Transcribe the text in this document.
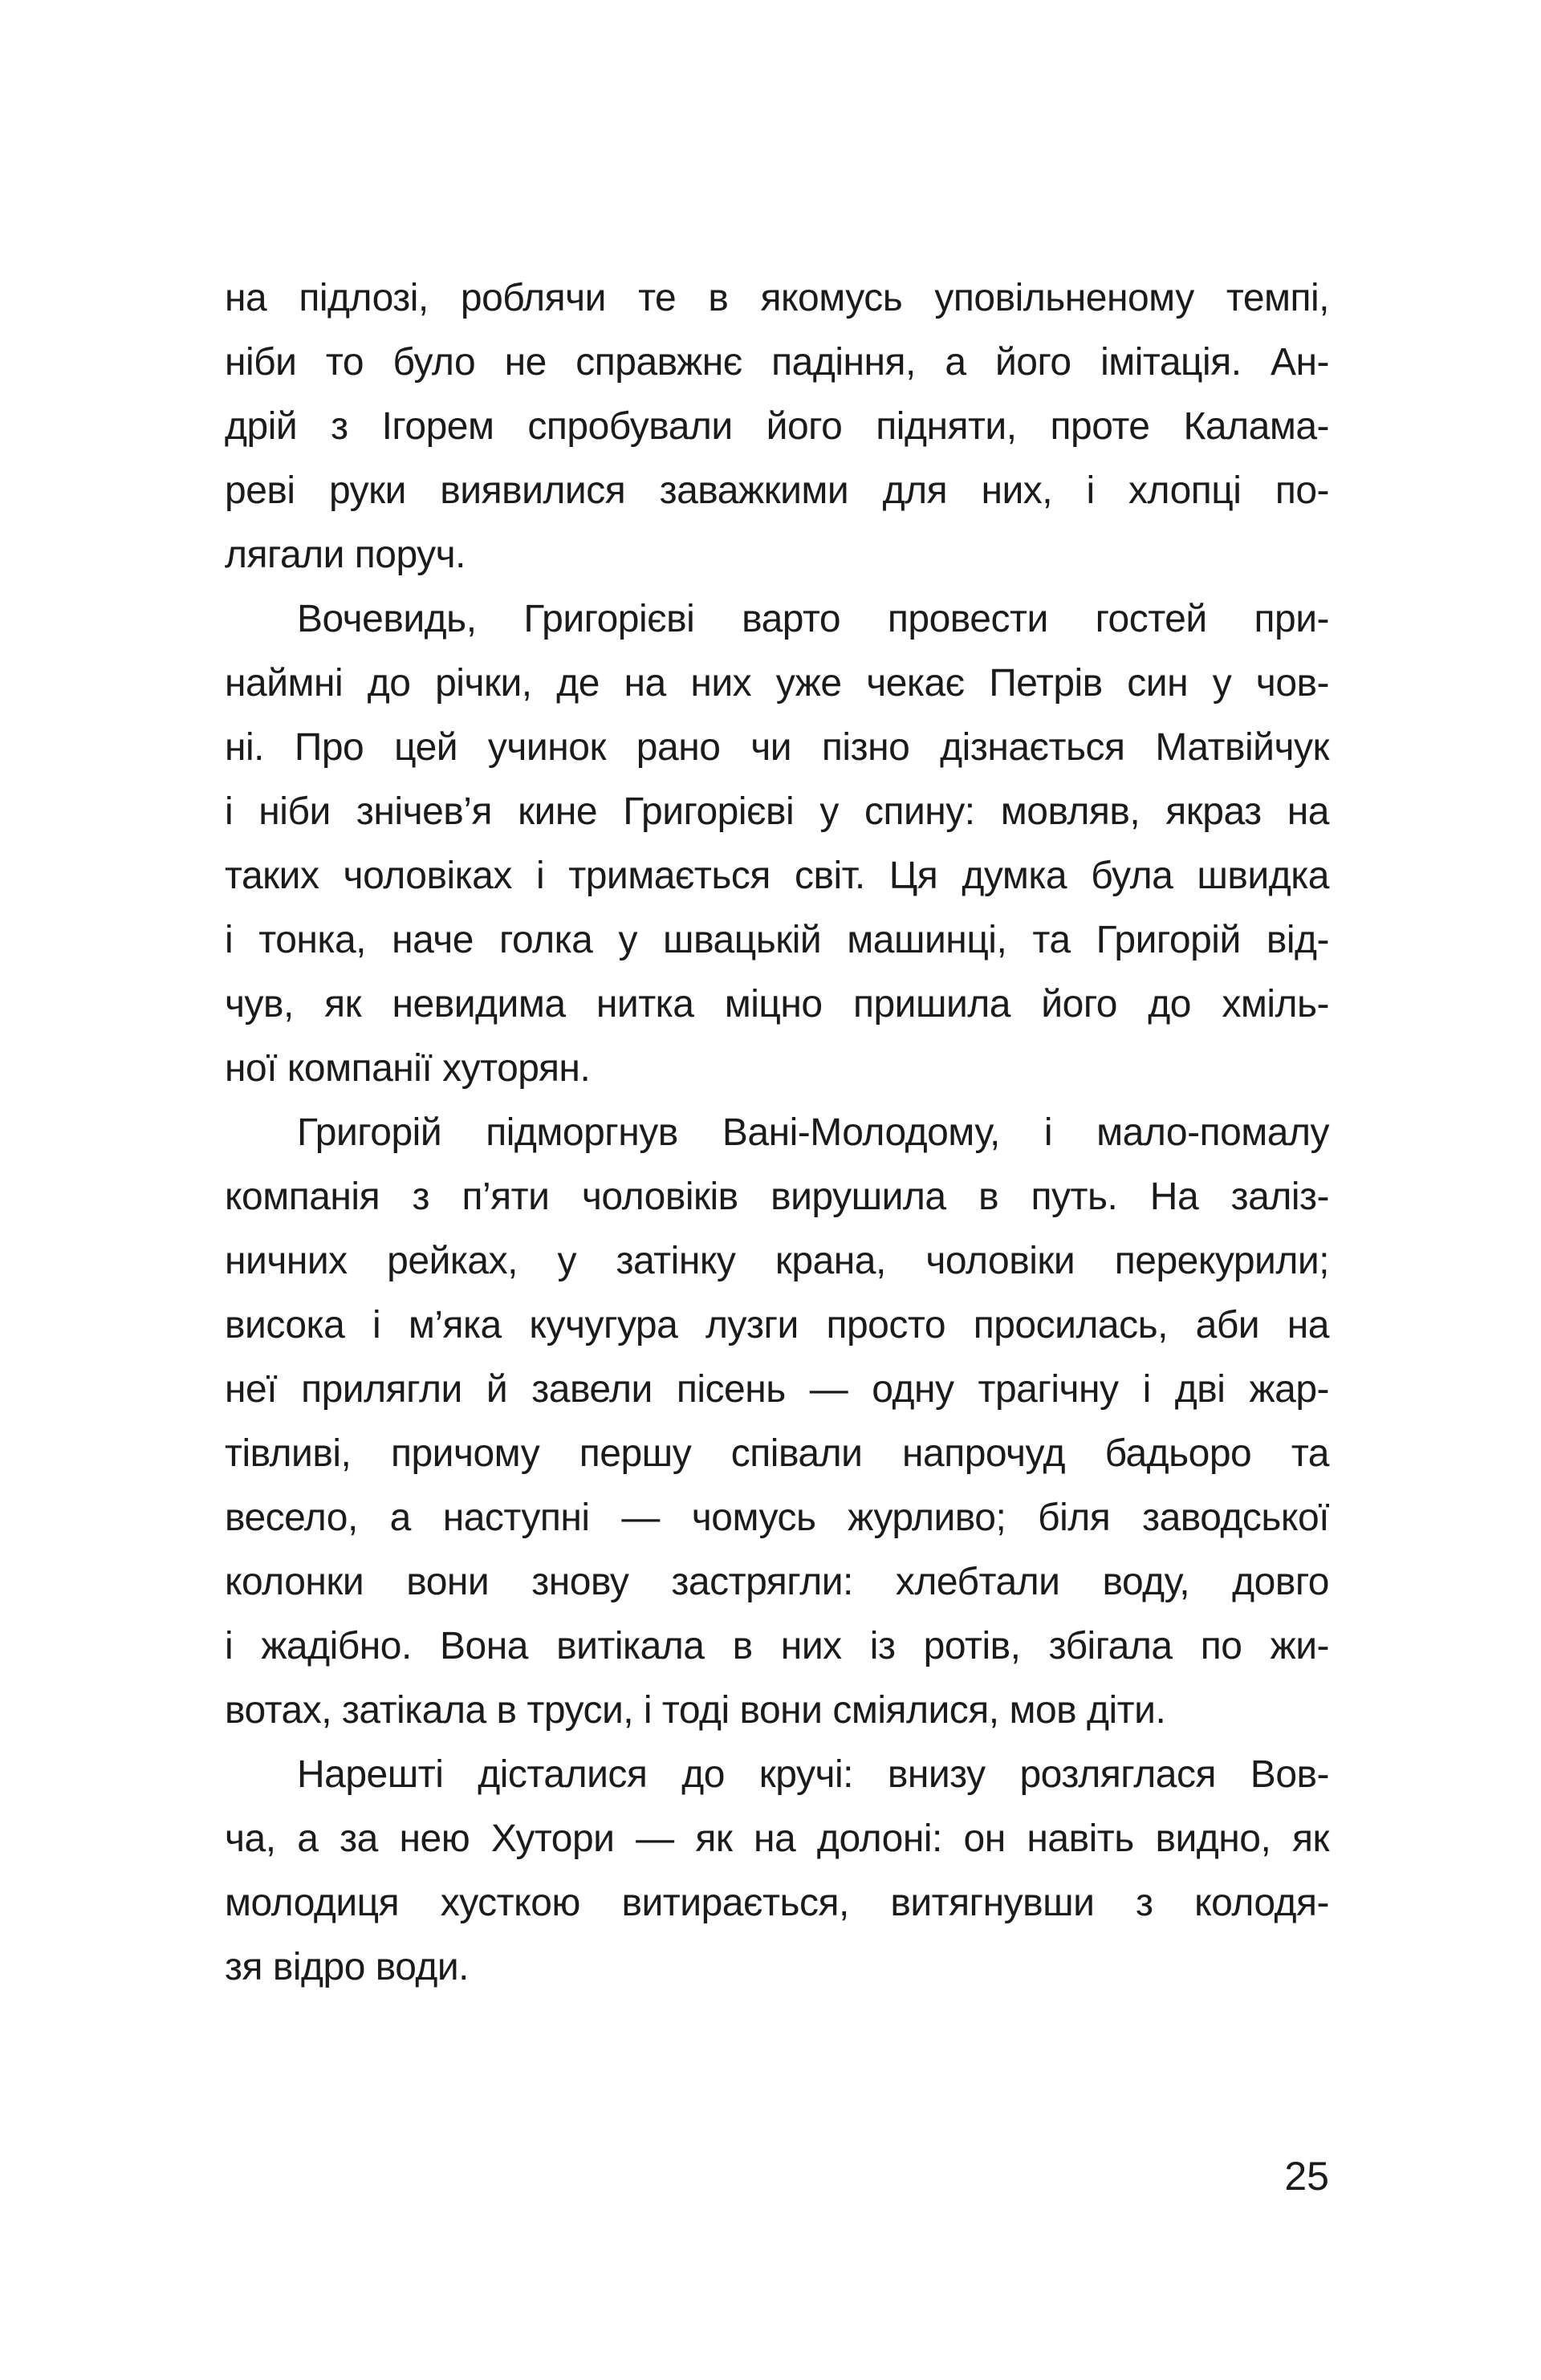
на підлозі, роблячи те в якомусь уповільненому темпі,
ніби то було не справжнє падіння, а його імітація. Ан-
дрій з Ігорем спробували його підняти, проте Калама-
реві руки виявилися заважкими для них, і хлопці по-
лягали поруч.
Вочевидь, Григорієві варто провести гостей при-
наймні до річки, де на них уже чекає Петрів син у чов-
ні. Про цей учинок рано чи пізно дізнається Матвійчук
і ніби знічев’я кине Григорієві у спину: мовляв, якраз на
таких чоловіках і тримається світ. Ця думка була швидка
і тонка, наче голка у швацькій машинці, та Григорій від-
чув, як невидима нитка міцно пришила його до хміль-
ної компанії хуторян.
Григорій підморгнув Вані-Молодому, і мало-помалу
компанія з п’яти чоловіків вирушила в путь. На заліз-
ничних рейках, у затінку крана, чоловіки перекурили;
висока і м’яка кучугура лузги просто просилась, аби на
неї прилягли й завели пісень — одну трагічну і дві жар-
тівливі, причому першу співали напрочуд бадьоро та
весело, а наступні — чомусь журливо; біля заводської
колонки вони знову застрягли: хлебтали воду, довго
і жадібно. Вона витікала в них із ротів, збігала по жи-
вотах, затікала в труси, і тоді вони сміялися, мов діти.
Нарешті дісталися до кручі: внизу розляглася Вов-
ча, а за нею Хутори — як на долоні: он навіть видно, як
молодиця хусткою витирається, витягнувши з колодя-
зя відро води.
25
